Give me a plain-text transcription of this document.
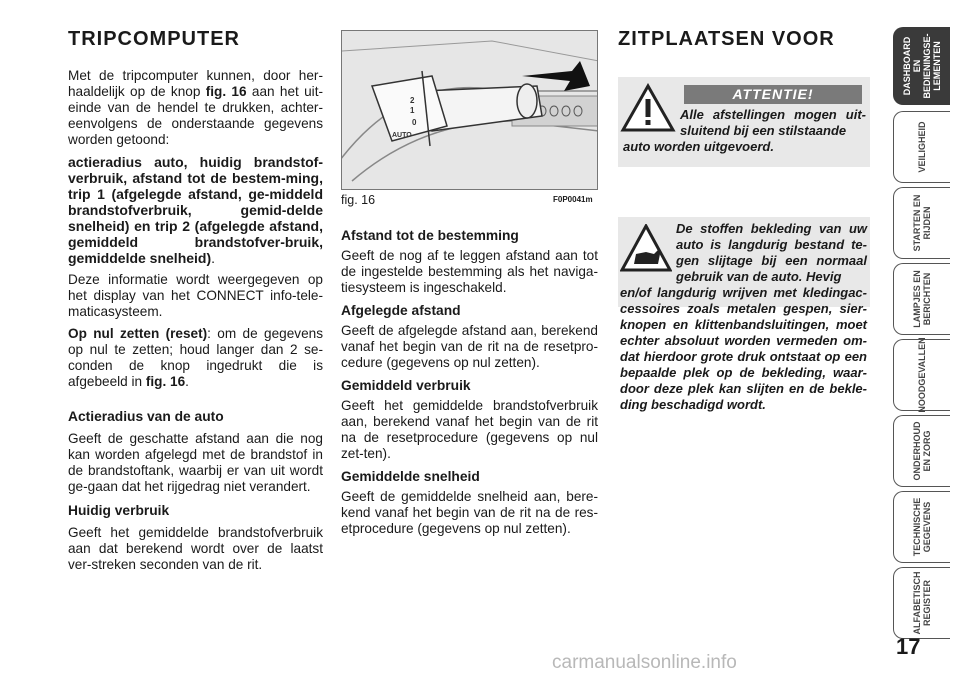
TRIPCOMPUTER

Met de tripcomputer kunnen, door her-haaldelijk op de knop fig. 16 aan het uit-einde van de hendel te drukken, achter-eenvolgens de onderstaande gegevens worden getoond:

actieradius auto, huidig brandstof-verbruik, afstand tot de bestem-ming, trip 1 (afgelegde afstand, ge-middeld brandstofverbruik, gemid-delde snelheid) en trip 2 (afgelegde afstand, gemiddeld brandstofver-bruik, gemiddelde snelheid).

Deze informatie wordt weergegeven op het display van het CONNECT info-tele-maticasysteem.

Op nul zetten (reset): om de gegevens op nul te zetten; houd langer dan 2 se-conden de knop ingedrukt die is afgebeeld in fig. 16.

Actieradius van de auto

Geeft de geschatte afstand aan die nog kan worden afgelegd met de brandstof in de brandstoftank, waarbij er van uit wordt ge-gaan dat het rijgedrag niet verandert.

Huidig verbruik

Geeft het gemiddelde brandstofverbruik aan dat berekend wordt over de laatst ver-streken seconden van de rit.

2
1
0
AUTO
fig. 16	F0P0041m

Afstand tot de bestemming

Geeft de nog af te leggen afstand aan tot de ingestelde bestemming als het naviga-tiesysteem is ingeschakeld.

Afgelegde afstand

Geeft de afgelegde afstand aan, berekend vanaf het begin van de rit na de resetpro-cedure (gegevens op nul zetten).

Gemiddeld verbruik

Geeft het gemiddelde brandstofverbruik aan, berekend vanaf het begin van de rit na de resetprocedure (gegevens op nul zet-ten).

Gemiddelde snelheid

Geeft de gemiddelde snelheid aan, bere-kend vanaf het begin van de rit na de res-etprocedure (gegevens op nul zetten).

ZITPLAATSEN VOOR
ATTENTIE!
Alle afstellingen mogen uit-sluitend bij een stilstaande
auto worden uitgevoerd.
De stoffen bekleding van uw auto is langdurig bestand te-gen slijtage bij een normaal gebruik van de auto. Hevig
en/of langdurig wrijven met kledingac-cessoires zoals metalen gespen, sier-knopen en klittenbandsluitingen, moet echter absoluut worden vermeden om-dat hierdoor grote druk ontstaat op een bepaalde plek op de bekleding, waar-door deze plek kan slijten en de bekle-ding beschadigd wordt.
DASHBOARD EN BEDIENINGSE-LEMENTEN
VEILIGHEID
STARTEN EN RIJDEN
LAMPJES EN BERICHTEN
NOODGEVALLEN
ONDERHOUD EN ZORG
TECHNISCHE GEGEVENS
ALFABETISCH REGISTER
17
carmanualsonline.info
